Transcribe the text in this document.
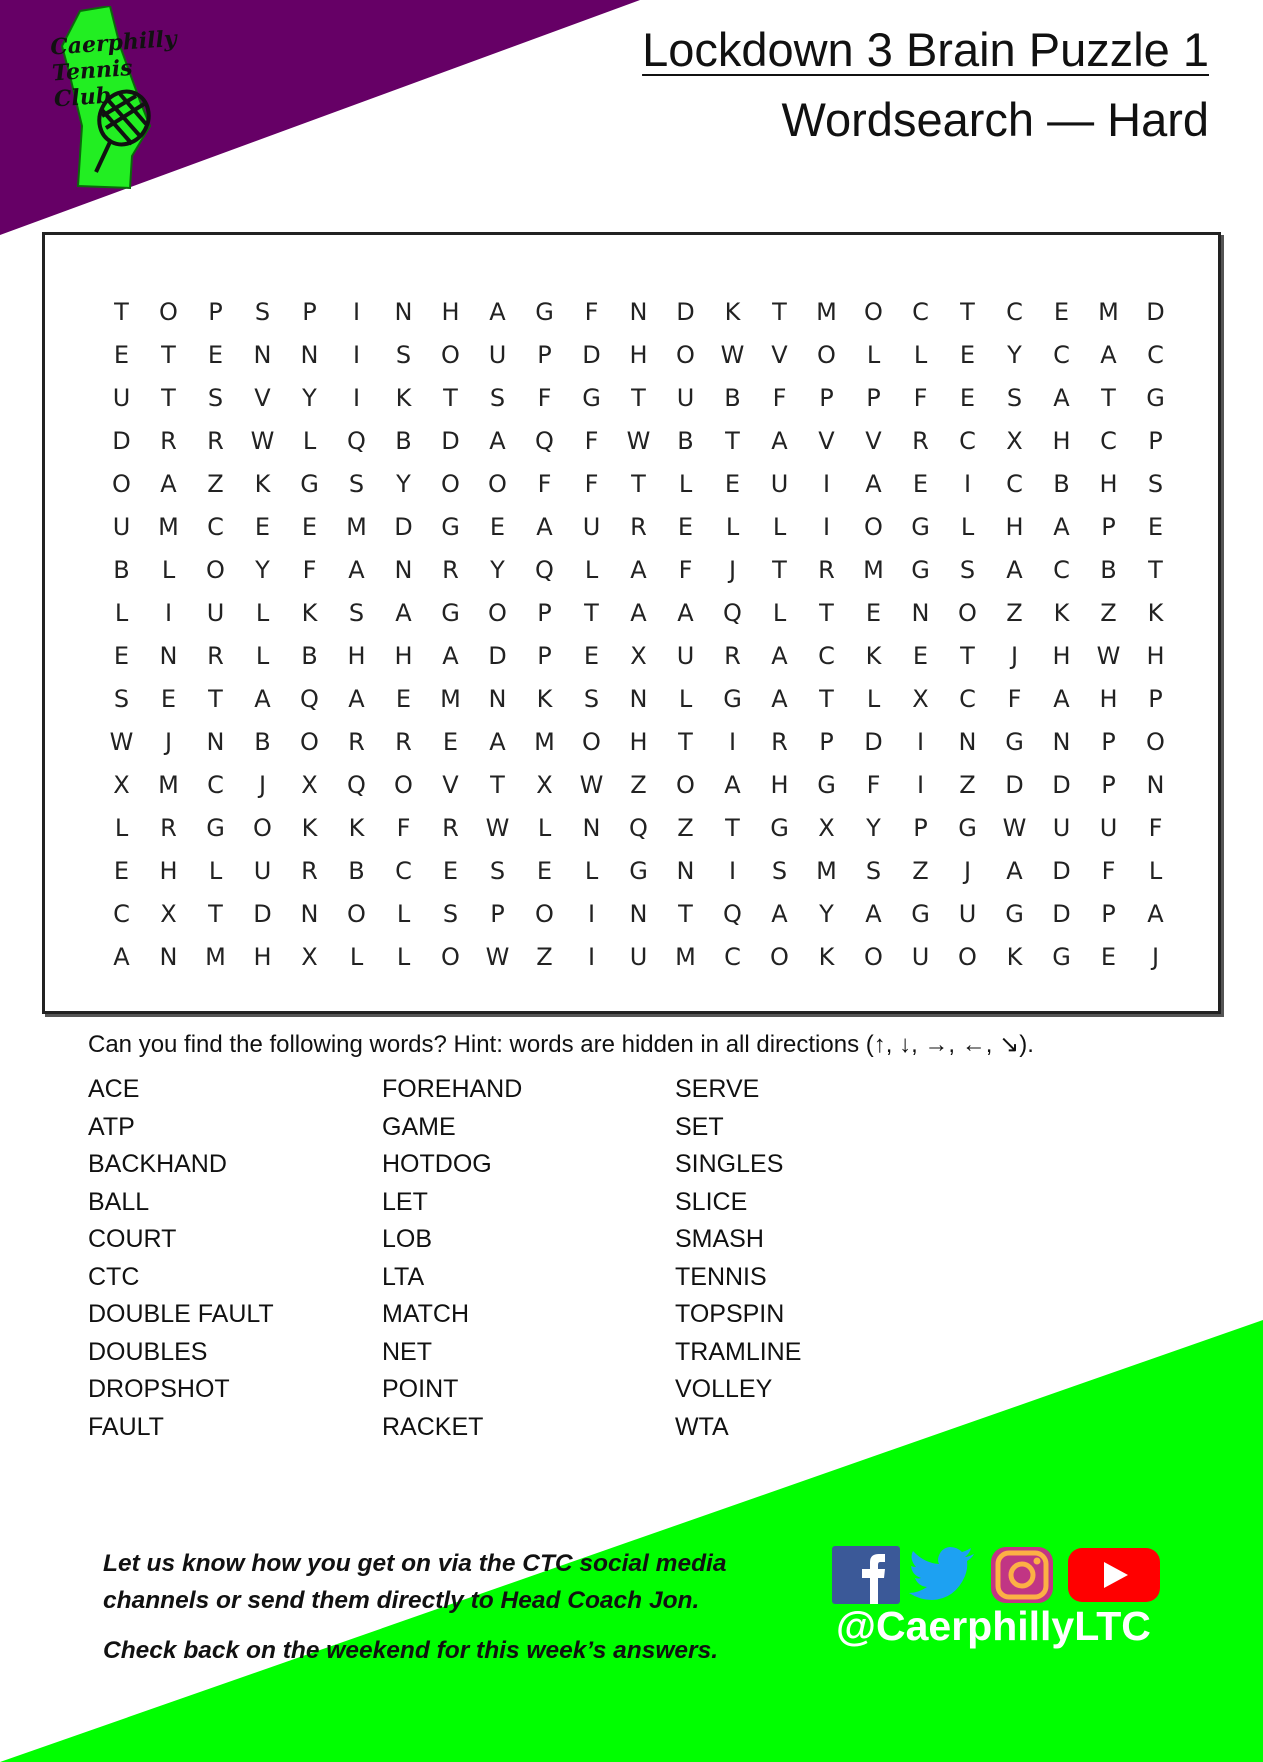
Caerphilly
Tennis Club
Lockdown 3 Brain Puzzle 1
Wordsearch — Hard
T	O	P	S	P	I	N	H	A	G	F	N	D	K	T	M	O	C	T	C	E	M	D
E	T	E	N	N	I	S	O	U	P	D	H	O	W	V	O	L	L	E	Y	C	A	C
U	T	S	V	Y	I	K	T	S	F	G	T	U	B	F	P	P	F	E	S	A	T	G
D	R	R	W	L	Q	B	D	A	Q	F	W	B	T	A	V	V	R	C	X	H	C	P
O	A	Z	K	G	S	Y	O	O	F	F	T	L	E	U	I	A	E	I	C	B	H	S
U	M	C	E	E	M	D	G	E	A	U	R	E	L	L	I	O	G	L	H	A	P	E
B	L	O	Y	F	A	N	R	Y	Q	L	A	F	J	T	R	M	G	S	A	C	B	T
L	I	U	L	K	S	A	G	O	P	T	A	A	Q	L	T	E	N	O	Z	K	Z	K
E	N	R	L	B	H	H	A	D	P	E	X	U	R	A	C	K	E	T	J	H	W	H
S	E	T	A	Q	A	E	M	N	K	S	N	L	G	A	T	L	X	C	F	A	H	P
W	J	N	B	O	R	R	E	A	M	O	H	T	I	R	P	D	I	N	G	N	P	O
X	M	C	J	X	Q	O	V	T	X	W	Z	O	A	H	G	F	I	Z	D	D	P	N
L	R	G	O	K	K	F	R	W	L	N	Q	Z	T	G	X	Y	P	G	W	U	U	F
E	H	L	U	R	B	C	E	S	E	L	G	N	I	S	M	S	Z	J	A	D	F	L
C	X	T	D	N	O	L	S	P	O	I	N	T	Q	A	Y	A	G	U	G	D	P	A
A	N	M	H	X	L	L	O	W	Z	I	U	M	C	O	K	O	U	O	K	G	E	J
Can you find the following words? Hint: words are hidden in all directions (↑, ↓, →, ←, ↘).
ACE
ATP
BACKHAND
BALL
COURT
CTC
DOUBLE FAULT
DOUBLES
DROPSHOT
FAULT
FOREHAND
GAME
HOTDOG
LET
LOB
LTA
MATCH
NET
POINT
RACKET
SERVE
SET
SINGLES
SLICE
SMASH
TENNIS
TOPSPIN
TRAMLINE
VOLLEY
WTA
Let us know how you get on via the CTC social media
channels or send them directly to Head Coach Jon.
Check back on the weekend for this week’s answers.
@CaerphillyLTC
